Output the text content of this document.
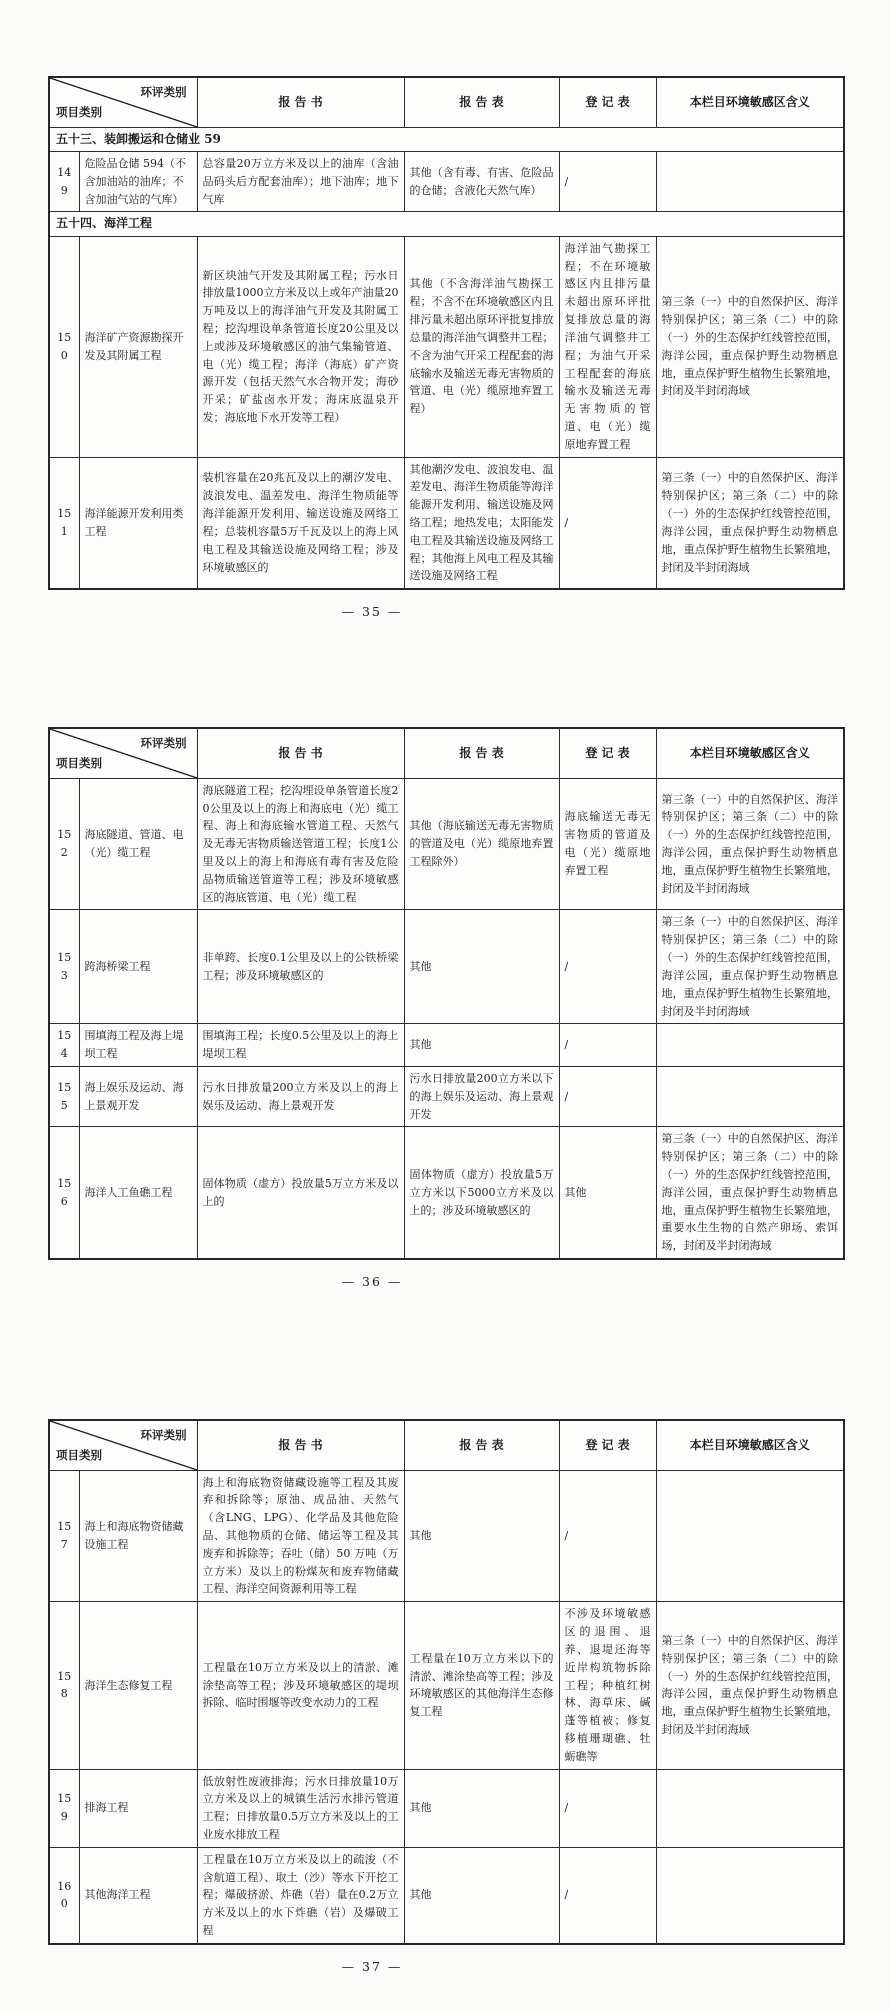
环评类别
项目类别		报 告 书	报 告 表	登 记 表	本栏目环境敏感区含义
五十三、装卸搬运和仓储业 59					
149	危险品仓储 594（不含加油站的油库；不含加油气站的气库）	总容量20万立方米及以上的油库（含油品码头后方配套油库）；地下油库；地下气库	其他（含有毒、有害、危险品的仓储；含液化天然气库）	/	
五十四、海洋工程					
150	海洋矿产资源勘探开发及其附属工程	新区块油气开发及其附属工程；污水日排放量1000立方米及以上或年产油量20万吨及以上的海洋油气开发及其附属工程；挖沟埋设单条管道长度20公里及以上或涉及环境敏感区的油气集输管道、电（光）缆工程；海洋（海底）矿产资源开发（包括天然气水合物开发；海砂开采；矿盐卤水开发；海床底温泉开发；海底地下水开发等工程）	其他（不含海洋油气勘探工程；不含不在环境敏感区内且排污量未超出原环评批复排放总量的海洋油气调整井工程；不含为油气开采工程配套的海底输水及输送无毒无害物质的管道、电（光）缆原地弃置工程）	海洋油气勘探工程；不在环境敏感区内且排污量未超出原环评批复排放总量的海洋油气调整井工程；为油气开采工程配套的海底输水及输送无毒无害物质的管道、电（光）缆原地弃置工程	第三条（一）中的自然保护区、海洋特别保护区；第三条（二）中的除（一）外的生态保护红线管控范围，海洋公园，重点保护野生动物栖息地，重点保护野生植物生长繁殖地，封闭及半封闭海域
151	海洋能源开发利用类工程	装机容量在20兆瓦及以上的潮汐发电、波浪发电、温差发电、海洋生物质能等海洋能源开发利用、输送设施及网络工程；总装机容量5万千瓦及以上的海上风电工程及其输送设施及网络工程；涉及环境敏感区的	其他潮汐发电、波浪发电、温差发电、海洋生物质能等海洋能源开发利用、输送设施及网络工程；地热发电；太阳能发电工程及其输送设施及网络工程；其他海上风电工程及其输送设施及网络工程	/	第三条（一）中的自然保护区、海洋特别保护区；第三条（二）中的除（一）外的生态保护红线管控范围，海洋公园，重点保护野生动物栖息地，重点保护野生植物生长繁殖地，封闭及半封闭海域
— 35 —
环评类别
项目类别		报 告 书	报 告 表	登 记 表	本栏目环境敏感区含义
152	海底隧道、管道、电（光）缆工程	海底隧道工程；挖沟埋设单条管道长度20公里及以上的海上和海底电（光）缆工程、海上和海底输水管道工程、天然气及无毒无害物质输送管道工程；长度1公里及以上的海上和海底有毒有害及危险品物质输送管道等工程；涉及环境敏感区的海底管道、电（光）缆工程	其他（海底输送无毒无害物质的管道及电（光）缆原地弃置工程除外）	海底输送无毒无害物质的管道及电（光）缆原地弃置工程	第三条（一）中的自然保护区、海洋特别保护区；第三条（二）中的除（一）外的生态保护红线管控范围，海洋公园，重点保护野生动物栖息地，重点保护野生植物生长繁殖地，封闭及半封闭海域
153	跨海桥梁工程	非单跨、长度0.1公里及以上的公铁桥梁工程；涉及环境敏感区的	其他	/	第三条（一）中的自然保护区、海洋特别保护区；第三条（二）中的除（一）外的生态保护红线管控范围，海洋公园，重点保护野生动物栖息地，重点保护野生植物生长繁殖地，封闭及半封闭海域
154	围填海工程及海上堤坝工程	围填海工程；长度0.5公里及以上的海上堤坝工程	其他	/	
155	海上娱乐及运动、海上景观开发	污水日排放量200立方米及以上的海上娱乐及运动、海上景观开发	污水日排放量200立方米以下的海上娱乐及运动、海上景观开发	/	
156	海洋人工鱼礁工程	固体物质（虚方）投放量5万立方米及以上的	固体物质（虚方）投放量5万立方米以下5000立方米及以上的；涉及环境敏感区的	其他	第三条（一）中的自然保护区、海洋特别保护区；第三条（二）中的除（一）外的生态保护红线管控范围，海洋公园，重点保护野生动物栖息地，重点保护野生植物生长繁殖地，重要水生生物的自然产卵场、索饵场，封闭及半封闭海域
— 36 —
环评类别
项目类别		报 告 书	报 告 表	登 记 表	本栏目环境敏感区含义
157	海上和海底物资储藏设施工程	海上和海底物资储藏设施等工程及其废弃和拆除等；原油、成品油、天然气（含LNG、LPG）、化学品及其他危险品、其他物质的仓储、储运等工程及其废弃和拆除等；吞吐（储）50 万吨（万立方米）及以上的粉煤灰和废弃物储藏工程、海洋空间资源利用等工程	其他	/	
158	海洋生态修复工程	工程量在10万立方米及以上的清淤、滩涂垫高等工程；涉及环境敏感区的堤坝拆除、临时围堰等改变水动力的工程	工程量在10万立方米以下的清淤、滩涂垫高等工程；涉及环境敏感区的其他海洋生态修复工程	不涉及环境敏感区的退围、退养、退堤还海等近岸构筑物拆除工程；种植红树林、海草床、碱蓬等植被；修复移植珊瑚礁、牡蛎礁等	第三条（一）中的自然保护区、海洋特别保护区；第三条（二）中的除（一）外的生态保护红线管控范围，海洋公园，重点保护野生动物栖息地，重点保护野生植物生长繁殖地，封闭及半封闭海域
159	排海工程	低放射性废液排海；污水日排放量10万立方米及以上的城镇生活污水排污管道工程；日排放量0.5万立方米及以上的工业废水排放工程	其他	/	
160	其他海洋工程	工程量在10万立方米及以上的疏浚（不含航道工程）、取土（沙）等水下开挖工程；爆破挤淤、炸礁（岩）量在0.2万立方米及以上的水下炸礁（岩）及爆破工程	其他	/	
— 37 —
